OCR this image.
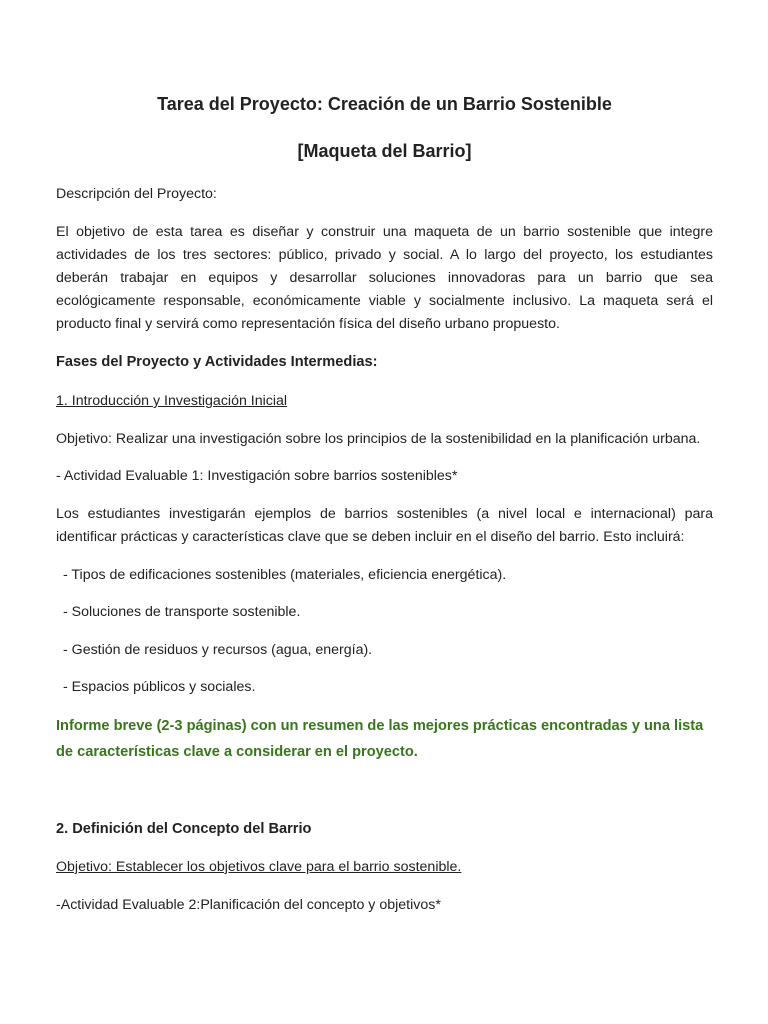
Tarea del Proyecto: Creación de un Barrio Sostenible
[Maqueta del Barrio]

Descripción del Proyecto:

El objetivo de esta tarea es diseñar y construir una maqueta de un barrio sostenible que integre actividades de los tres sectores: público, privado y social. A lo largo del proyecto, los estudiantes deberán trabajar en equipos y desarrollar soluciones innovadoras para un barrio que sea ecológicamente responsable, económicamente viable y socialmente inclusivo. La maqueta será el producto final y servirá como representación física del diseño urbano propuesto.

Fases del Proyecto y Actividades Intermedias:

1. Introducción y Investigación Inicial

Objetivo: Realizar una investigación sobre los principios de la sostenibilidad en la planificación urbana.

- Actividad Evaluable 1: Investigación sobre barrios sostenibles*

Los estudiantes investigarán ejemplos de barrios sostenibles (a nivel local e internacional) para identificar prácticas y características clave que se deben incluir en el diseño del barrio. Esto incluirá:

- Tipos de edificaciones sostenibles (materiales, eficiencia energética).

- Soluciones de transporte sostenible.

- Gestión de residuos y recursos (agua, energía).

- Espacios públicos y sociales.

Informe breve (2-3 páginas) con un resumen de las mejores prácticas encontradas y una lista de características clave a considerar en el proyecto.

2. Definición del Concepto del Barrio

Objetivo: Establecer los objetivos clave para el barrio sostenible.

-Actividad Evaluable 2:Planificación del concepto y objetivos*
